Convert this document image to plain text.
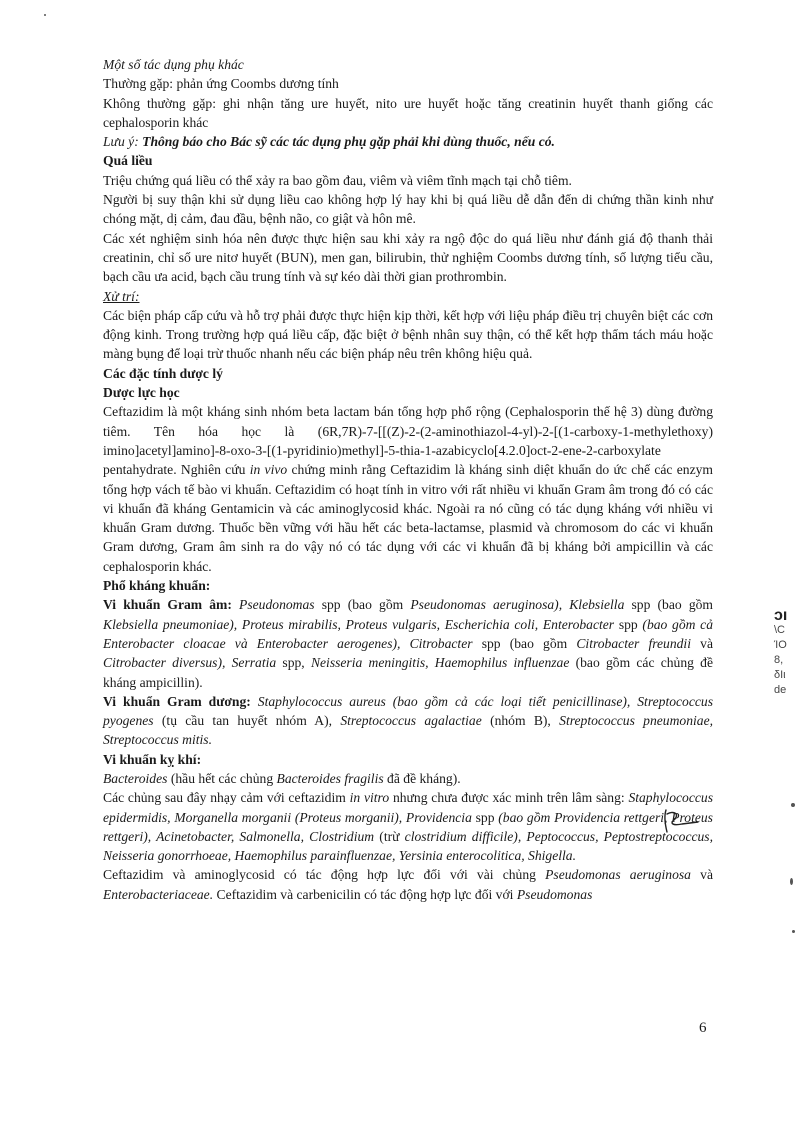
Một số tác dụng phụ khác

Thường gặp: phản ứng Coombs dương tính

Không thường gặp: ghi nhận tăng ure huyết, nito ure huyết hoặc tăng creatinin huyết thanh giống các cephalosporin khác

Lưu ý: Thông báo cho Bác sỹ các tác dụng phụ gặp phải khi dùng thuốc, nếu có.

Quá liều

Triệu chứng quá liều có thể xảy ra bao gồm đau, viêm và viêm tĩnh mạch tại chỗ tiêm.

Người bị suy thận khi sử dụng liều cao không hợp lý hay khi bị quá liều dễ dẫn đến di chứng thần kinh như chóng mặt, dị cảm, đau đầu, bệnh não, co giật và hôn mê.

Các xét nghiệm sinh hóa nên được thực hiện sau khi xảy ra ngộ độc do quá liều như đánh giá độ thanh thải creatinin, chỉ số ure nitơ huyết (BUN), men gan, bilirubin, thử nghiệm Coombs dương tính, số lượng tiểu cầu, bạch cầu ưa acid, bạch cầu trung tính và sự kéo dài thời gian prothrombin.

Xử trí:

Các biện pháp cấp cứu và hỗ trợ phải được thực hiện kịp thời, kết hợp với liệu pháp điều trị chuyên biệt các cơn động kinh. Trong trường hợp quá liều cấp, đặc biệt ở bệnh nhân suy thận, có thể kết hợp thẩm tách máu hoặc màng bụng để loại trừ thuốc nhanh nếu các biện pháp nêu trên không hiệu quả.

Các đặc tính dược lý

Dược lực học

Ceftazidim là một kháng sinh nhóm beta lactam bán tổng hợp phổ rộng (Cephalosporin thế hệ 3) dùng đường tiêm. Tên hóa học là (6R,7R)-7-[[(Z)-2-(2-aminothiazol-4-yl)-2-[(1-carboxy-1-methylethoxy) imino]acetyl]amino]-8-oxo-3-[(1-pyridinio)methyl]-5-thia-1-azabicyclo[4.2.0]oct-2-ene-2-carboxylate pentahydrate. Nghiên cứu in vivo chứng minh rằng Ceftazidim là kháng sinh diệt khuẩn do ức chế các enzym tổng hợp vách tế bào vi khuẩn. Ceftazidim có hoạt tính in vitro với rất nhiều vi khuẩn Gram âm trong đó có các vi khuẩn đã kháng Gentamicin và các aminoglycosid khác. Ngoài ra nó cũng có tác dụng kháng với nhiều vi khuẩn Gram dương. Thuốc bền vững với hầu hết các beta-lactamse, plasmid và chromosom do các vi khuẩn Gram dương, Gram âm sinh ra do vậy nó có tác dụng với các vi khuẩn đã bị kháng bởi ampicillin và các cephalosporin khác.

Phổ kháng khuẩn:

Vi khuẩn Gram âm: Pseudonomas spp (bao gồm Pseudonomas aeruginosa), Klebsiella spp (bao gồm Klebsiella pneumoniae), Proteus mirabilis, Proteus vulgaris, Escherichia coli, Enterobacter spp (bao gồm cả Enterobacter cloacae và Enterobacter aerogenes), Citrobacter spp (bao gồm Citrobacter freundii và Citrobacter diversus), Serratia spp, Neisseria meningitis, Haemophilus influenzae (bao gồm các chủng đề kháng ampicillin).

Vi khuẩn Gram dương: Staphylococcus aureus (bao gồm cả các loại tiết penicillinase), Streptococcus pyogenes (tụ cầu tan huyết nhóm A), Streptococcus agalactiae (nhóm B), Streptococcus pneumoniae, Streptococcus mitis.

Vi khuẩn kỵ khí:

Bacteroides (hầu hết các chủng Bacteroides fragilis đã đề kháng).

Các chủng sau đây nhạy cảm với ceftazidim in vitro nhưng chưa được xác minh trên lâm sàng: Staphylococcus epidermidis, Morganella morganii (Proteus morganii), Providencia spp (bao gồm Providencia rettgeri, Proteus rettgeri), Acinetobacter, Salmonella, Clostridium (trừ clostridium difficile), Peptococcus, Peptostreptococcus, Neisseria gonorrhoeae, Haemophilus parainfluenzae, Yersinia enterocolitica, Shigella.

Ceftazidim và aminoglycosid có tác động hợp lực đối với vài chủng Pseudomonas aeruginosa và Enterobacteriaceae. Ceftazidim và carbenicilin có tác động hợp lực đối với Pseudomonas

ɔı
\C
ΊΟ
8,
δΙι
de
6
